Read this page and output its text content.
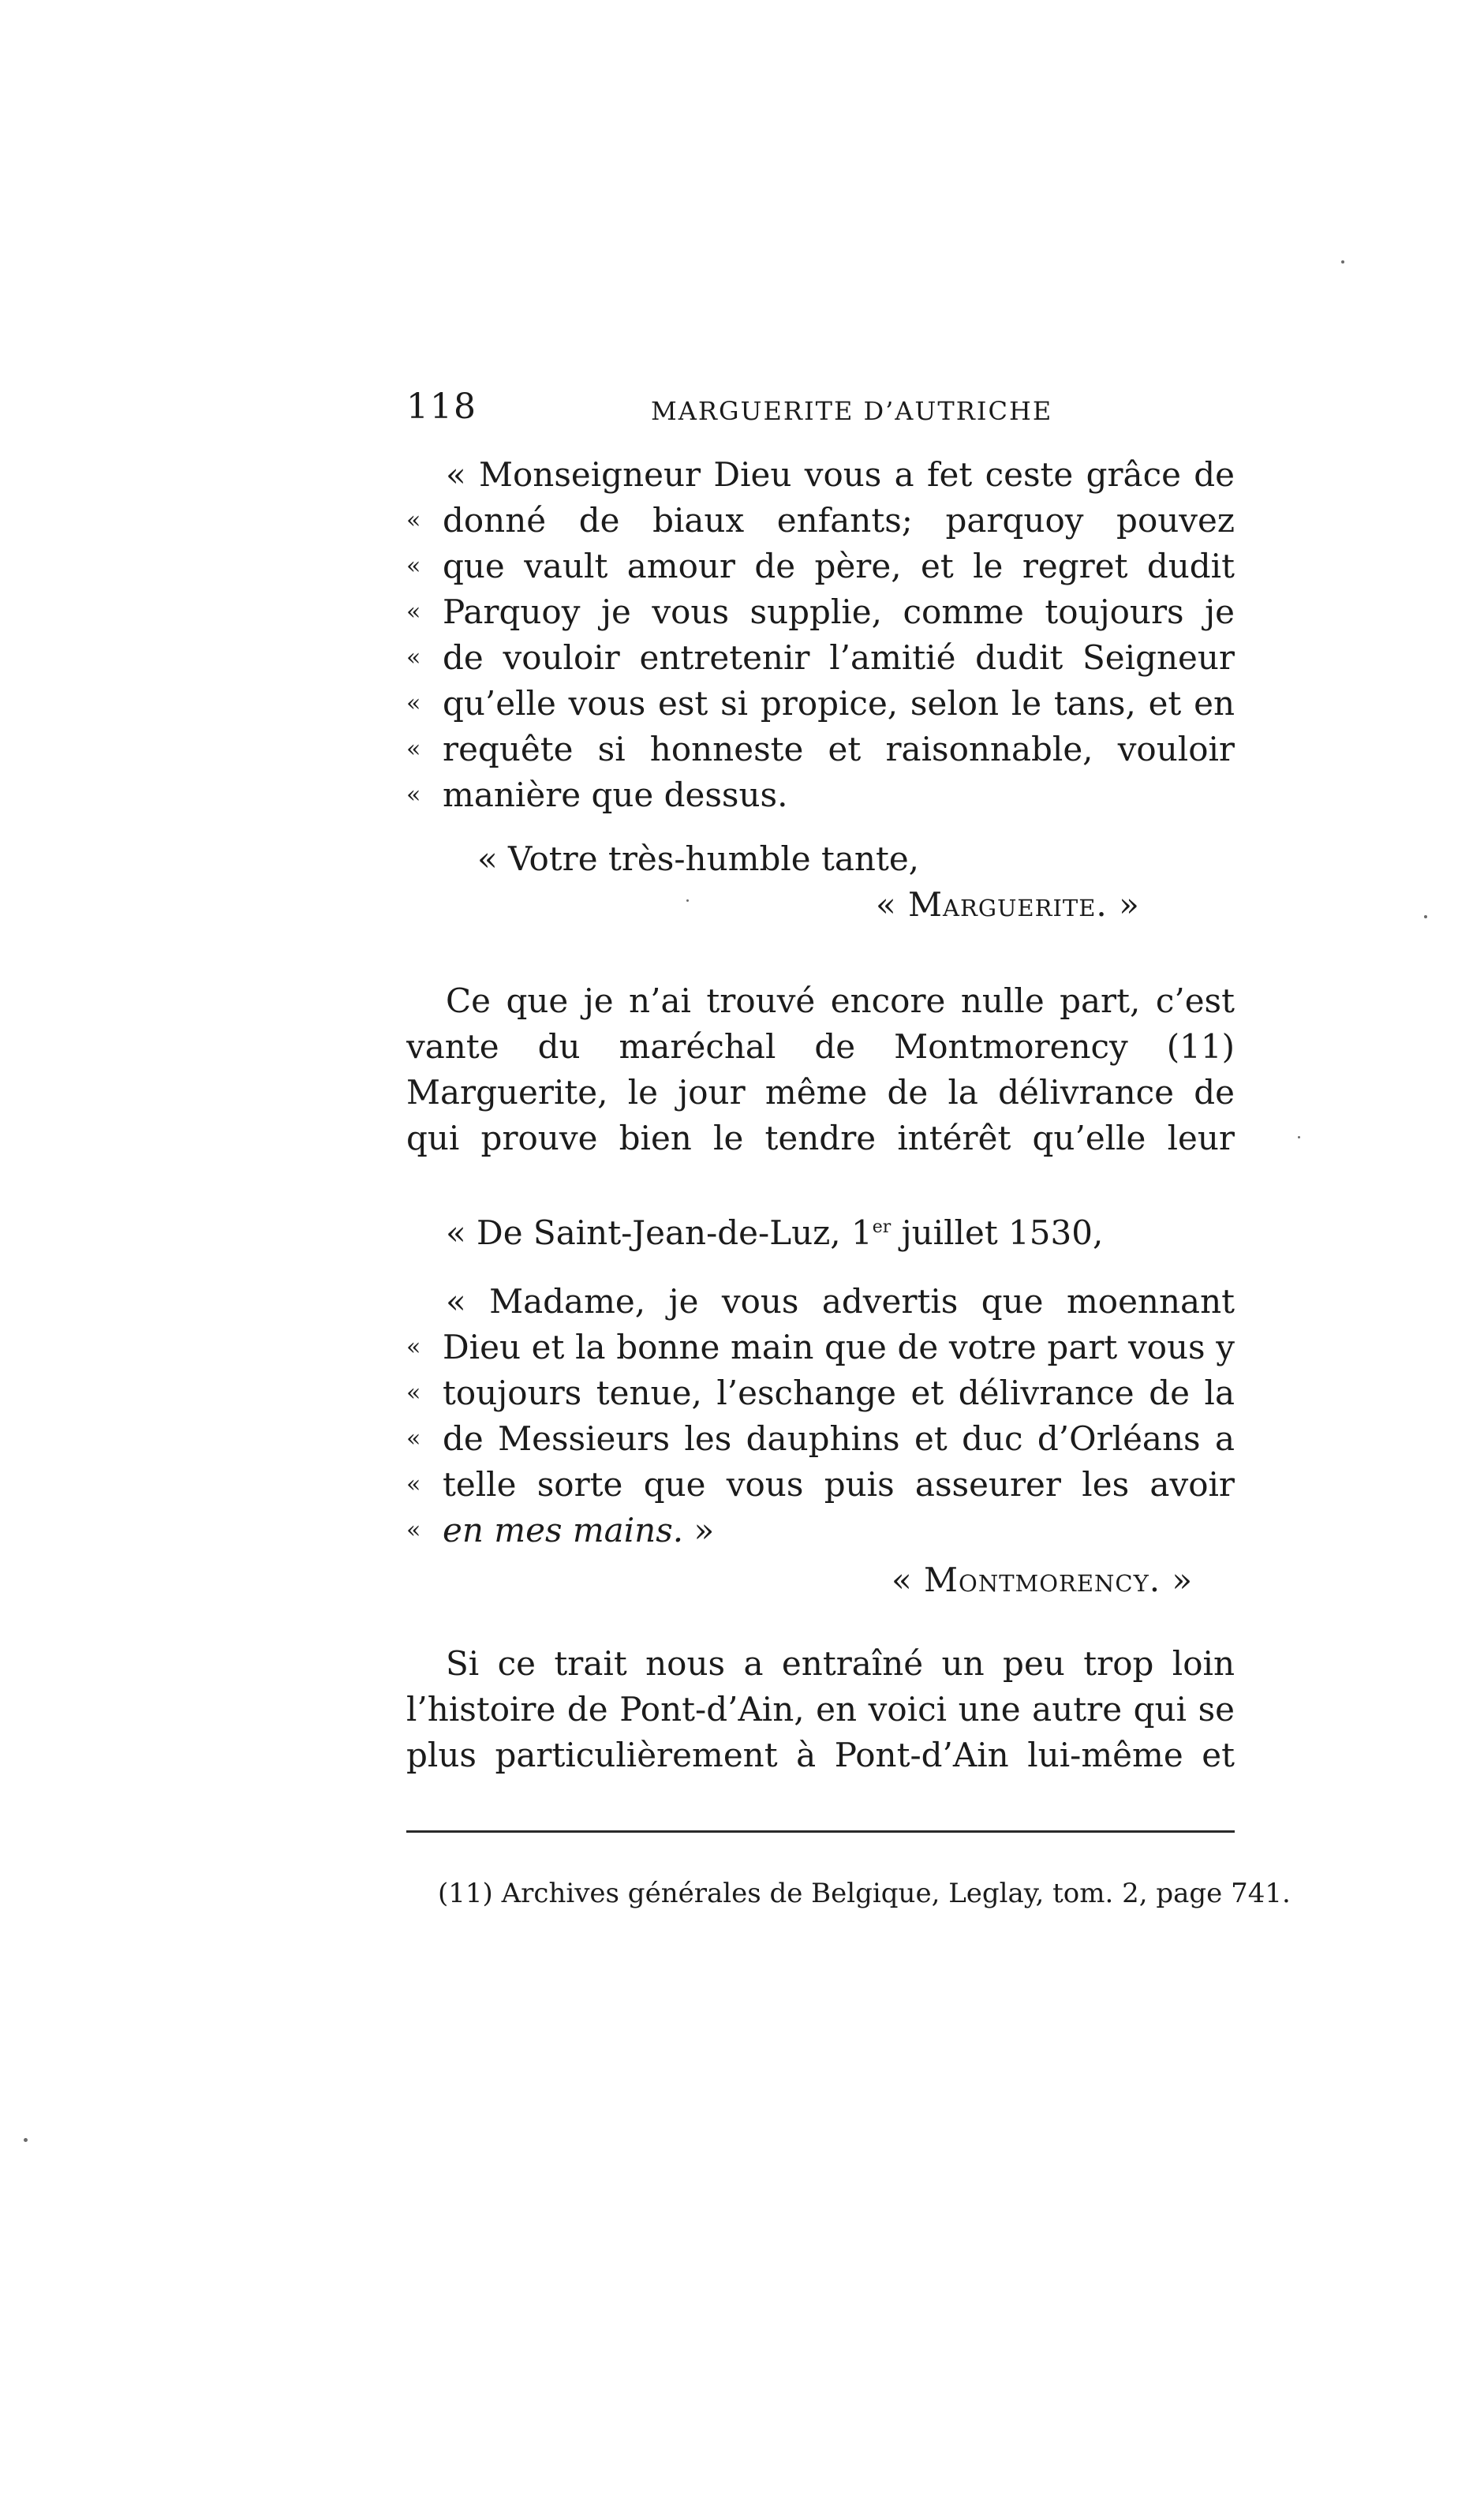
118	MARGUERITE D’AUTRICHE
« Monseigneur Dieu vous a fet ceste grâce de
« donné de biaux enfants; parquoy pouvez
« que vault amour de père, et le regret dudit
« Parquoy je vous supplie, comme toujours je
« de vouloir entretenir l’amitié dudit Seigneur
« qu’elle vous est si propice, selon le tans, et en
« requête si honneste et raisonnable, vouloir
« manière que dessus.
« Votre très-humble tante,
« Marguerite. »
Ce que je n’ai trouvé encore nulle part, c’est
vante du maréchal de Montmorency (11)
Marguerite, le jour même de la délivrance de
qui prouve bien le tendre intérêt qu’elle leur
« De Saint-Jean-de-Luz, 1er juillet 1530,
« Madame, je vous advertis que moennant
« Dieu et la bonne main que de votre part vous y
« toujours tenue, l’eschange et délivrance de la
« de Messieurs les dauphins et duc d’Orléans a
« telle sorte que vous puis asseurer les avoir
« en mes mains. »
« Montmorency. »
Si ce trait nous a entraîné un peu trop loin
l’histoire de Pont-d’Ain, en voici une autre qui se
plus particulièrement à Pont-d’Ain lui-même et
(11) Archives générales de Belgique, Leglay, tom. 2, page 741.
